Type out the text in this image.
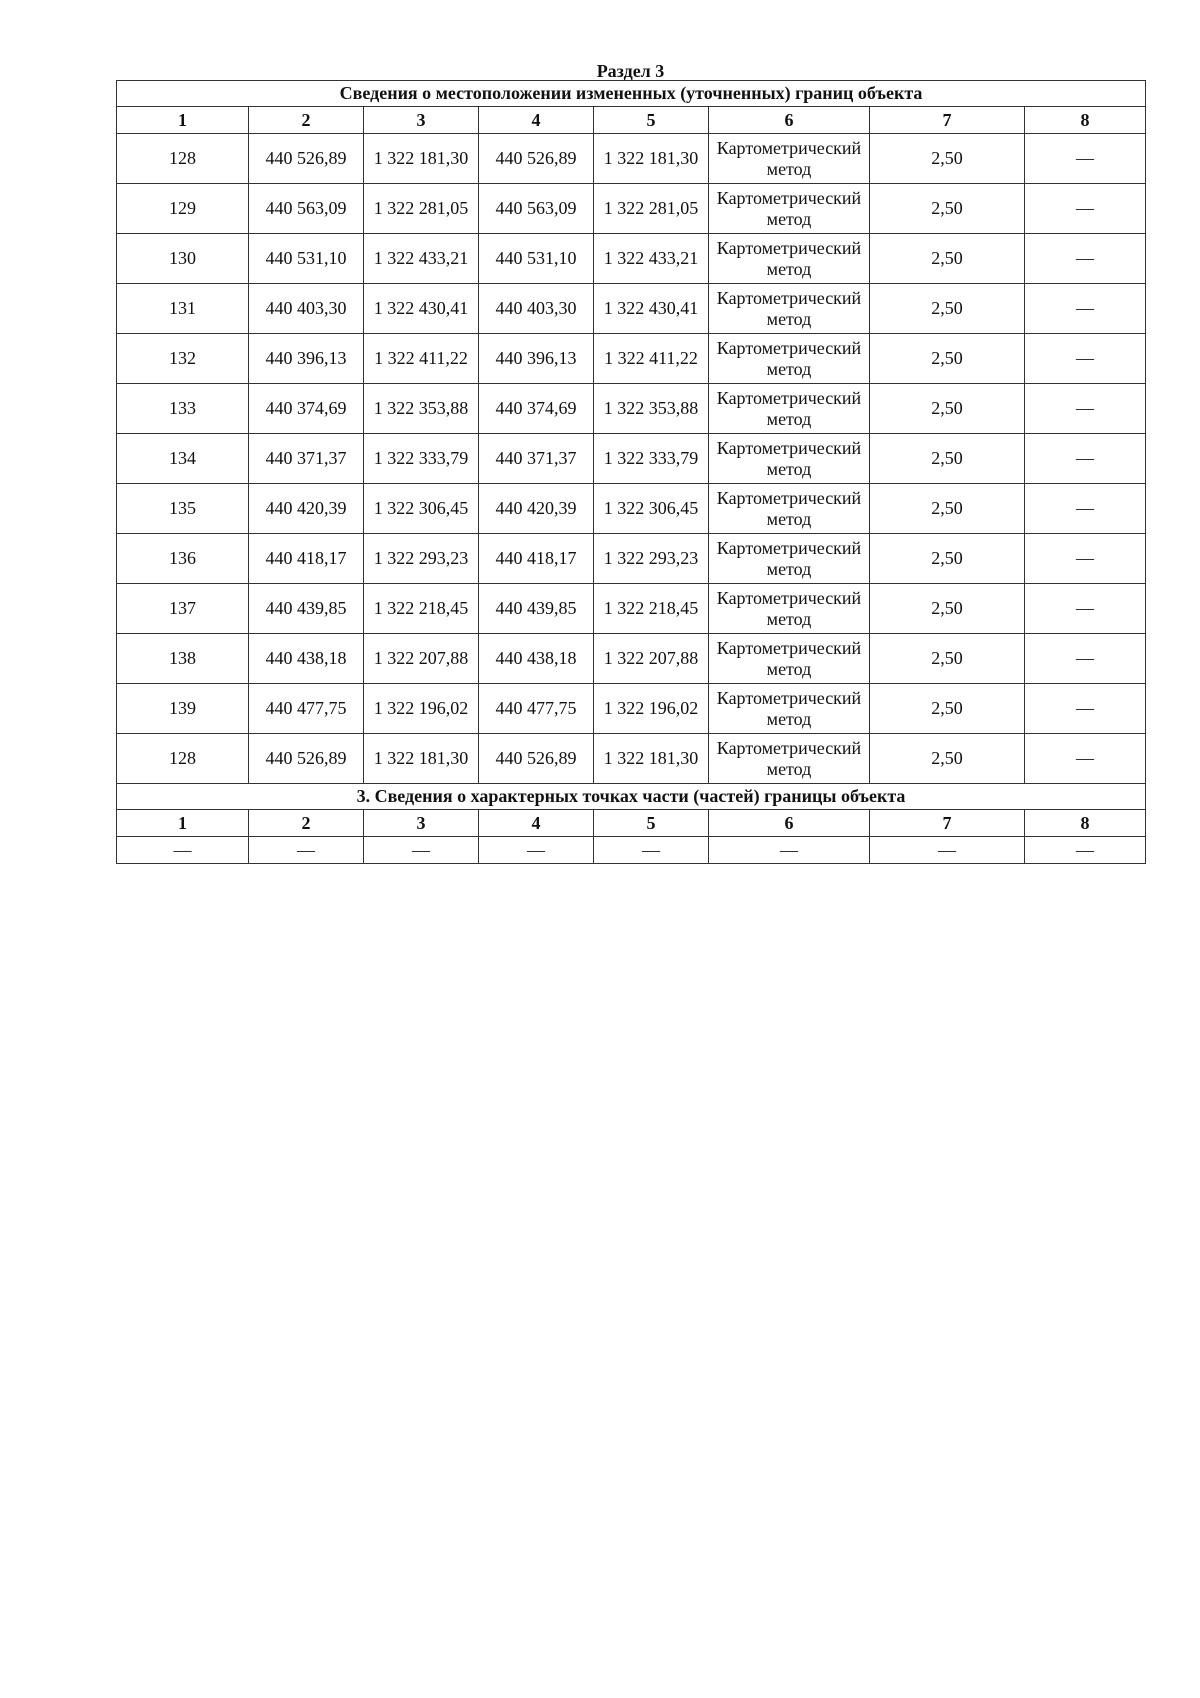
Раздел 3
Сведения о местоположении измененных (уточненных) границ объекта							
1	2	3	4	5	6	7	8
128	440 526,89	1 322 181,30	440 526,89	1 322 181,30	Картометрический метод	2,50	—
129	440 563,09	1 322 281,05	440 563,09	1 322 281,05	Картометрический метод	2,50	—
130	440 531,10	1 322 433,21	440 531,10	1 322 433,21	Картометрический метод	2,50	—
131	440 403,30	1 322 430,41	440 403,30	1 322 430,41	Картометрический метод	2,50	—
132	440 396,13	1 322 411,22	440 396,13	1 322 411,22	Картометрический метод	2,50	—
133	440 374,69	1 322 353,88	440 374,69	1 322 353,88	Картометрический метод	2,50	—
134	440 371,37	1 322 333,79	440 371,37	1 322 333,79	Картометрический метод	2,50	—
135	440 420,39	1 322 306,45	440 420,39	1 322 306,45	Картометрический метод	2,50	—
136	440 418,17	1 322 293,23	440 418,17	1 322 293,23	Картометрический метод	2,50	—
137	440 439,85	1 322 218,45	440 439,85	1 322 218,45	Картометрический метод	2,50	—
138	440 438,18	1 322 207,88	440 438,18	1 322 207,88	Картометрический метод	2,50	—
139	440 477,75	1 322 196,02	440 477,75	1 322 196,02	Картометрический метод	2,50	—
128	440 526,89	1 322 181,30	440 526,89	1 322 181,30	Картометрический метод	2,50	—
3. Сведения о характерных точках части (частей) границы объекта							
1	2	3	4	5	6	7	8
—	—	—	—	—	—	—	—
